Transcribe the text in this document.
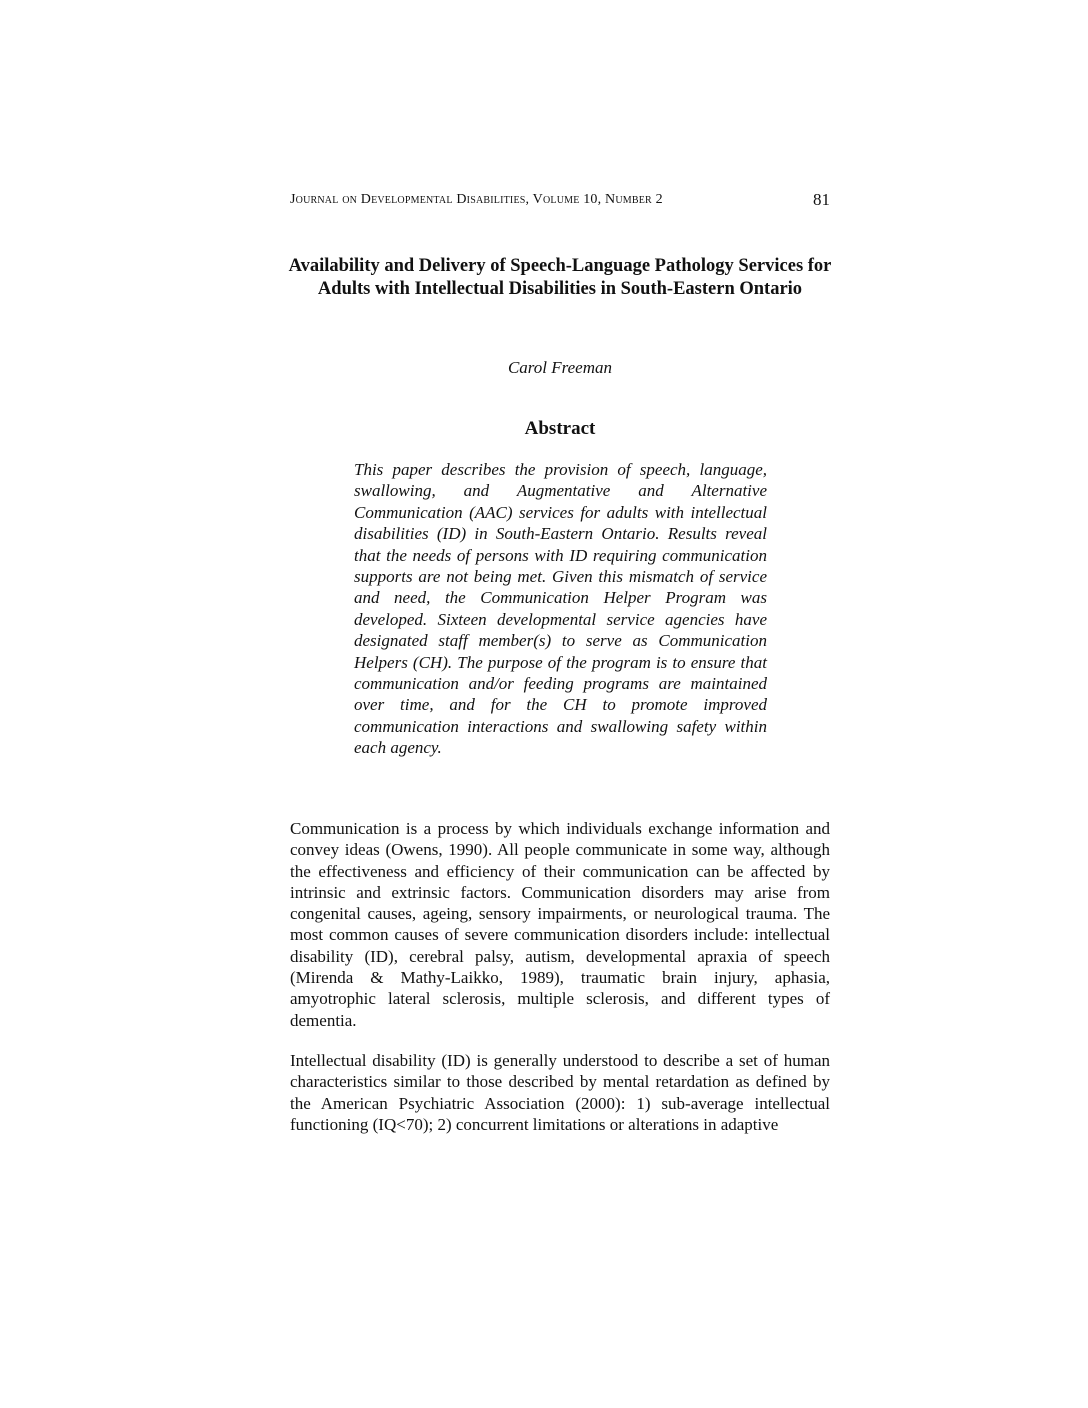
Journal on Developmental Disabilities, Volume 10, Number 2	81
Availability and Delivery of Speech-Language Pathology Services for Adults with Intellectual Disabilities in South-Eastern Ontario
Carol Freeman
Abstract

This paper describes the provision of speech, language, swallowing, and Augmentative and Alternative Communication (AAC) services for adults with intellectual disabilities (ID) in South-Eastern Ontario. Results reveal that the needs of persons with ID requiring communication supports are not being met. Given this mismatch of service and need, the Communication Helper Program was developed. Sixteen developmental service agencies have designated staff member(s) to serve as Communication Helpers (CH). The purpose of the program is to ensure that communication and/or feeding programs are maintained over time, and for the CH to promote improved communication interactions and swallowing safety within each agency.

Communication is a process by which individuals exchange information and convey ideas (Owens, 1990). All people communicate in some way, although the effectiveness and efficiency of their communication can be affected by intrinsic and extrinsic factors. Communication disorders may arise from congenital causes, ageing, sensory impairments, or neurological trauma. The most common causes of severe communication disorders include: intellectual disability (ID), cerebral palsy, autism, developmental apraxia of speech (Mirenda & Mathy-Laikko, 1989), traumatic brain injury, aphasia, amyotrophic lateral sclerosis, multiple sclerosis, and different types of dementia.

Intellectual disability (ID) is generally understood to describe a set of human characteristics similar to those described by mental retardation as defined by the American Psychiatric Association (2000): 1) sub-average intellectual functioning (IQ<70); 2) concurrent limitations or alterations in adaptive
